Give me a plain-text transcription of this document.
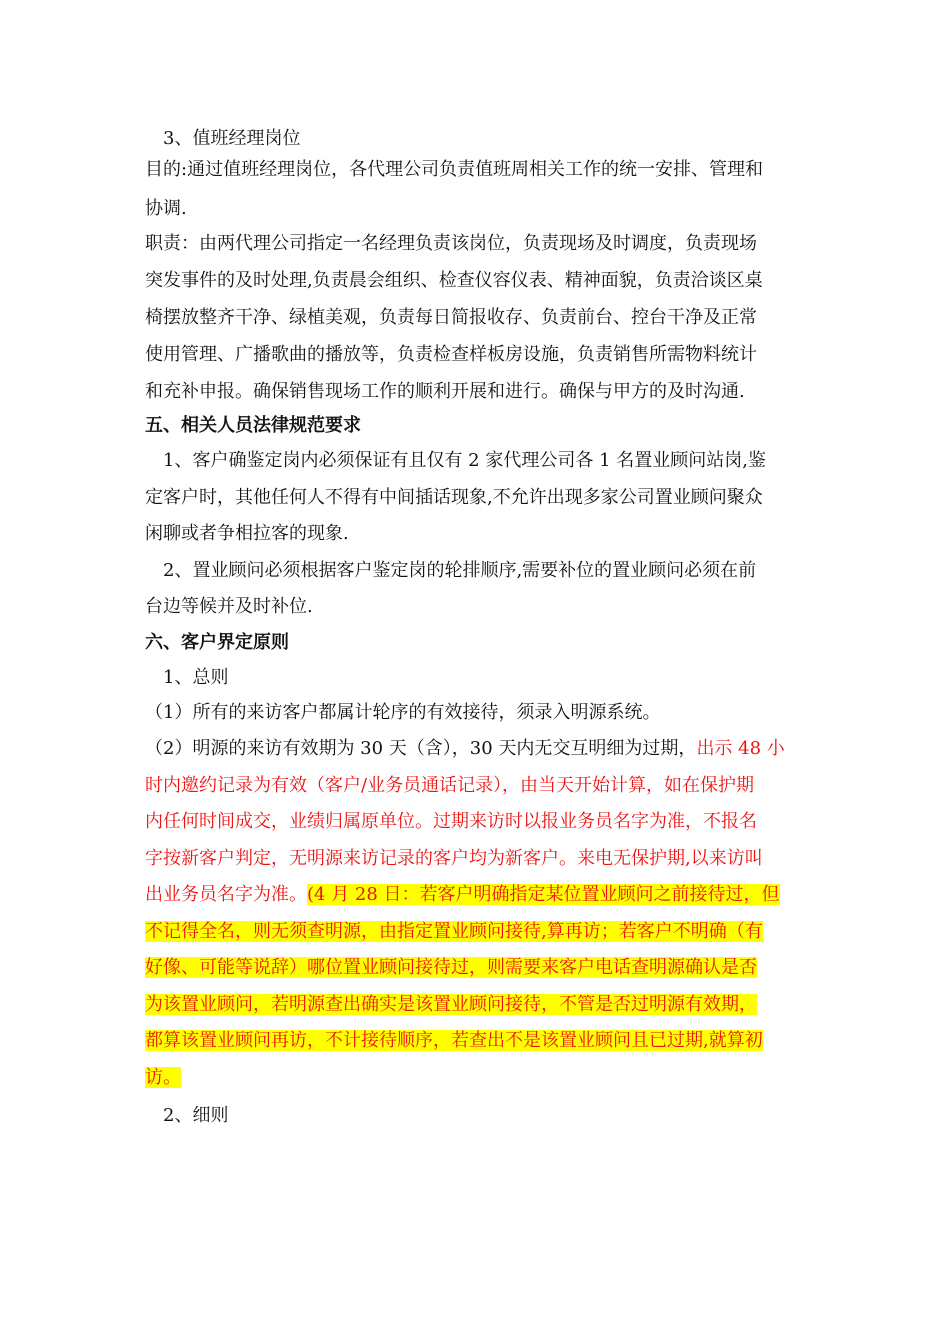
3、值班经理岗位
目的:通过值班经理岗位，各代理公司负责值班周相关工作的统一安排、管理和
协调.
职责：由两代理公司指定一名经理负责该岗位，负责现场及时调度，负责现场
突发事件的及时处理,负责晨会组织、检查仪容仪表、精神面貌，负责洽谈区桌
椅摆放整齐干净、绿植美观，负责每日简报收存、负责前台、控台干净及正常
使用管理、广播歌曲的播放等，负责检查样板房设施，负责销售所需物料统计
和充补申报。确保销售现场工作的顺利开展和进行。确保与甲方的及时沟通.
五、相关人员法律规范要求
1、客户确鉴定岗内必须保证有且仅有 2 家代理公司各 1 名置业顾问站岗,鉴
定客户时，其他任何人不得有中间插话现象,不允许出现多家公司置业顾问聚众
闲聊或者争相拉客的现象.
2、置业顾问必须根据客户鉴定岗的轮排顺序,需要补位的置业顾问必须在前
台边等候并及时补位.
六、客户界定原则
1、总则
（1）所有的来访客户都属计轮序的有效接待，须录入明源系统。
（2）明源的来访有效期为 30 天（含），30 天内无交互明细为过期，出示 48 小
时内邀约记录为有效（客户/业务员通话记录），由当天开始计算，如在保护期
内任何时间成交，业绩归属原单位。过期来访时以报业务员名字为准，不报名
字按新客户判定，无明源来访记录的客户均为新客户。来电无保护期,以来访叫
出业务员名字为准。(4 月 28 日：若客户明确指定某位置业顾问之前接待过，但
不记得全名，则无须查明源，由指定置业顾问接待,算再访；若客户不明确（有
好像、可能等说辞）哪位置业顾问接待过，则需要来客户电话查明源确认是否
为该置业顾问，若明源查出确实是该置业顾问接待，不管是否过明源有效期，
都算该置业顾问再访，不计接待顺序，若查出不是该置业顾问且已过期,就算初
访。
2、细则
